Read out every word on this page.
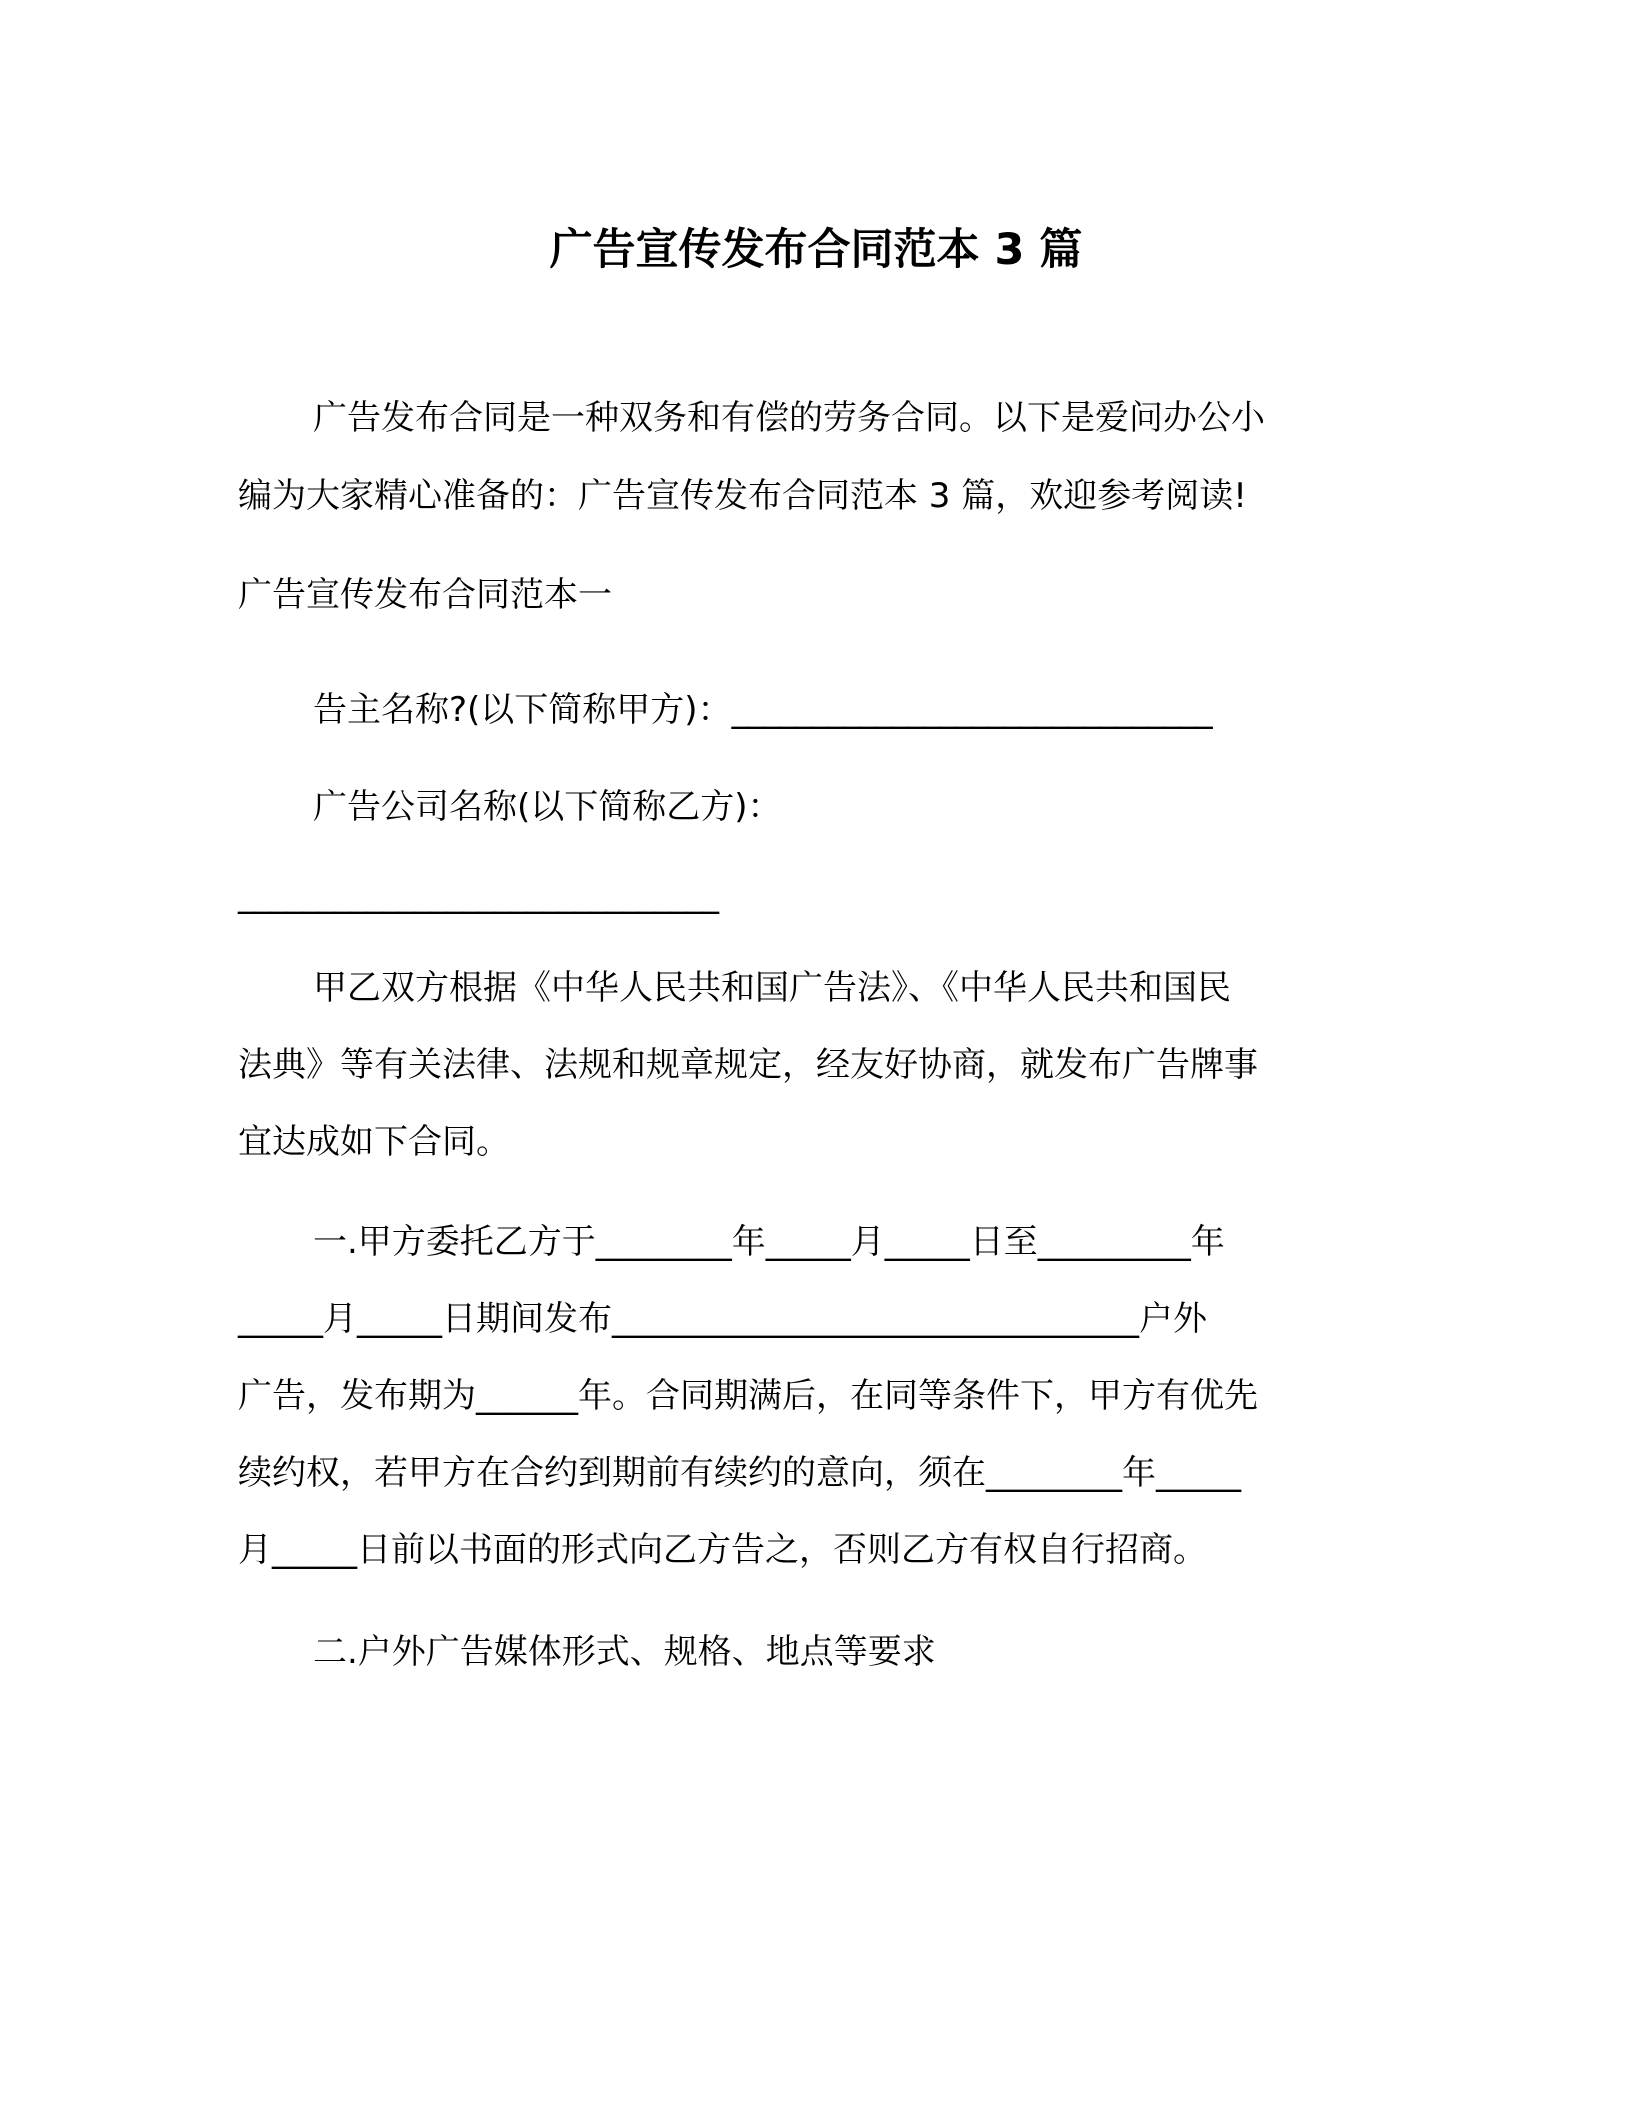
广告宣传发布合同范本 3 篇
广告发布合同是一种双务和有偿的劳务合同。以下是爱问办公小
编为大家精心准备的：广告宣传发布合同范本 3 篇，欢迎参考阅读!
广告宣传发布合同范本一
告主名称?(以下简称甲方)：______________________________
广告公司名称(以下简称乙方)：
______________________________
甲乙双方根据《中华人民共和国广告法》、《中华人民共和国民
法典》等有关法律、法规和规章规定，经友好协商，就发布广告牌事
宜达成如下合同。
一.甲方委托乙方于________年_____月_____日至_________年
_____月_____日期间发布_______________________________户外
广告，发布期为______年。合同期满后，在同等条件下，甲方有优先
续约权，若甲方在合约到期前有续约的意向，须在________年_____
月_____日前以书面的形式向乙方告之，否则乙方有权自行招商。
二.户外广告媒体形式、规格、地点等要求
